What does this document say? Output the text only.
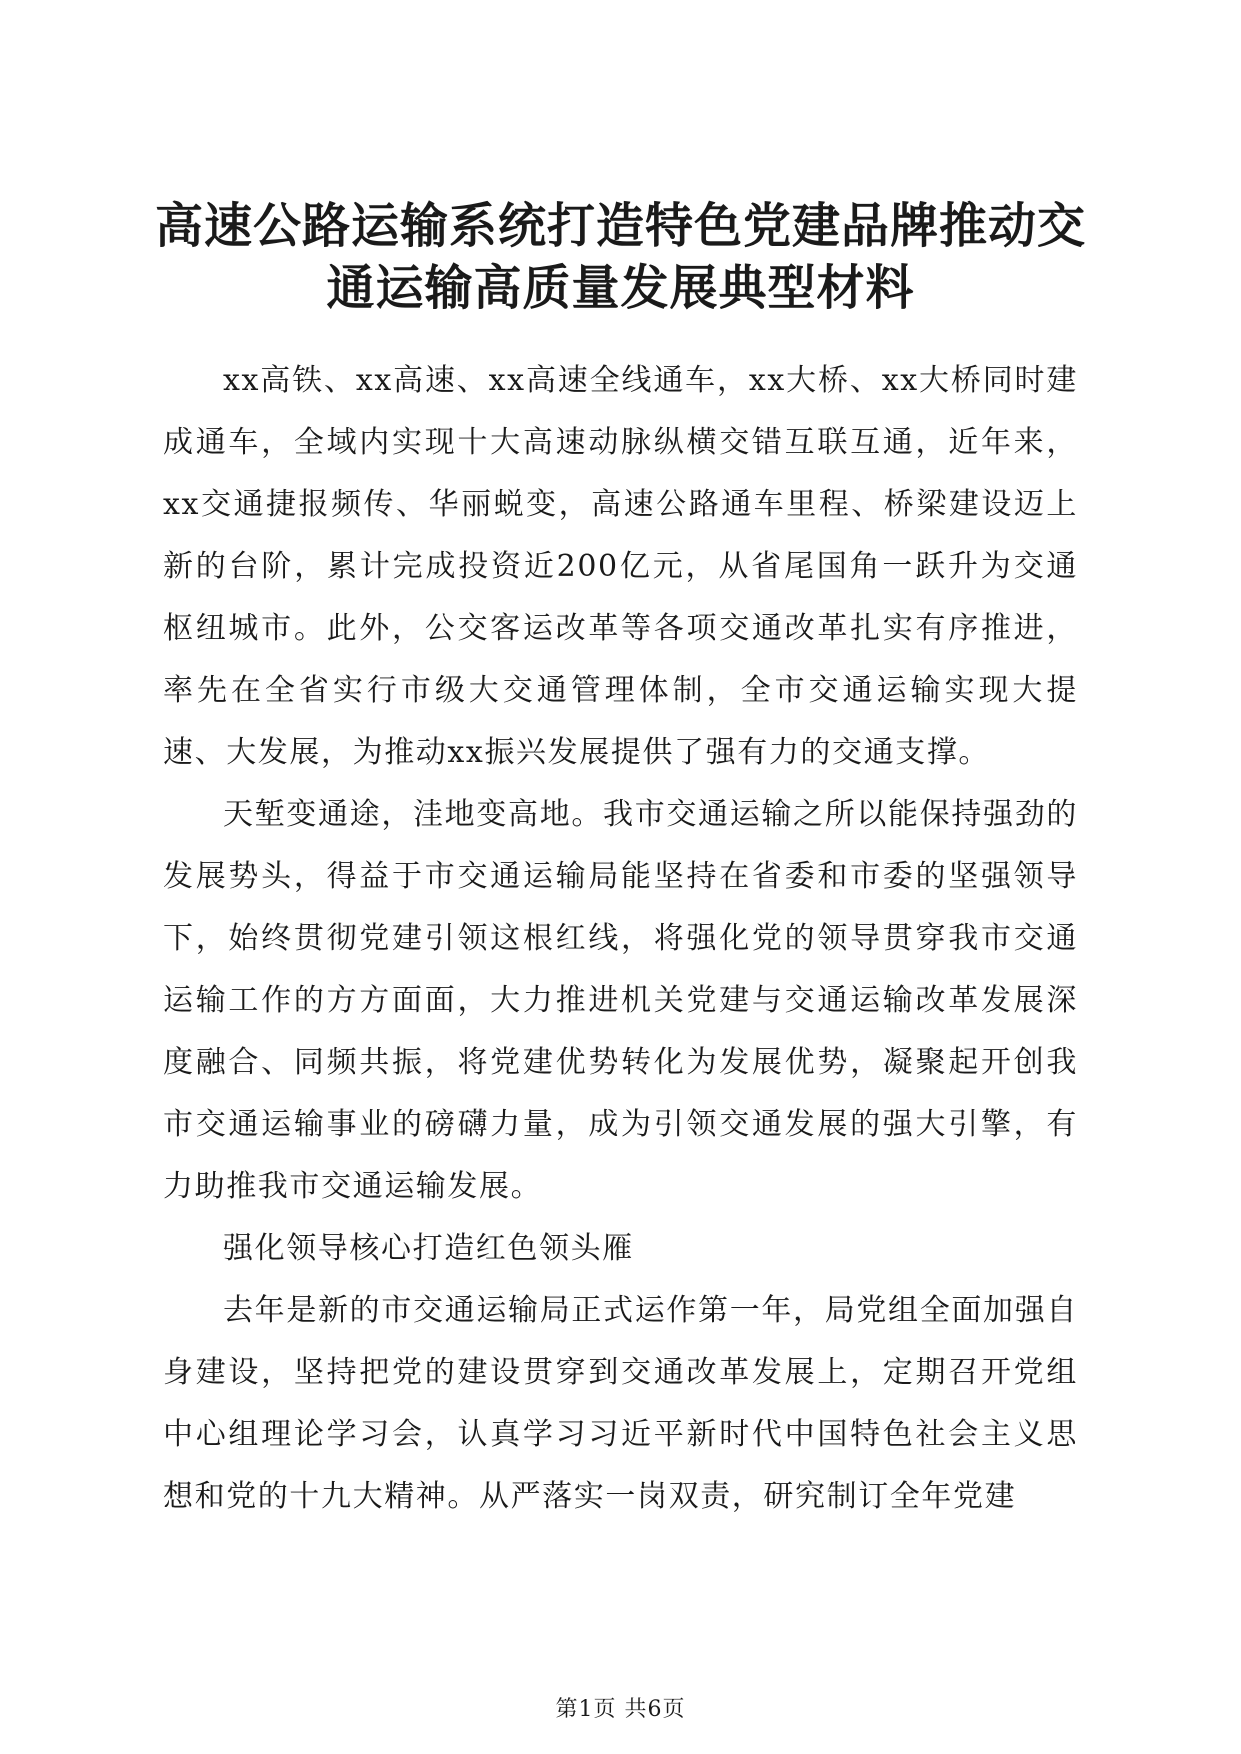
高速公路运输系统打造特色党建品牌推动交通运输高质量发展典型材料

xx高铁、xx高速、xx高速全线通车，xx大桥、xx大桥同时建成通车，全域内实现十大高速动脉纵横交错互联互通，近年来，xx交通捷报频传、华丽蜕变，高速公路通车里程、桥梁建设迈上新的台阶，累计完成投资近200亿元，从省尾国角一跃升为交通枢纽城市。此外，公交客运改革等各项交通改革扎实有序推进，率先在全省实行市级大交通管理体制，全市交通运输实现大提速、大发展，为推动xx振兴发展提供了强有力的交通支撑。

天堑变通途，洼地变高地。我市交通运输之所以能保持强劲的发展势头，得益于市交通运输局能坚持在省委和市委的坚强领导下，始终贯彻党建引领这根红线，将强化党的领导贯穿我市交通运输工作的方方面面，大力推进机关党建与交通运输改革发展深度融合、同频共振，将党建优势转化为发展优势，凝聚起开创我市交通运输事业的磅礴力量，成为引领交通发展的强大引擎，有力助推我市交通运输发展。

强化领导核心打造红色领头雁

去年是新的市交通运输局正式运作第一年，局党组全面加强自身建设，坚持把党的建设贯穿到交通改革发展上，定期召开党组中心组理论学习会，认真学习习近平新时代中国特色社会主义思想和党的十九大精神。从严落实一岗双责，研究制订全年党建

第1页 共6页
